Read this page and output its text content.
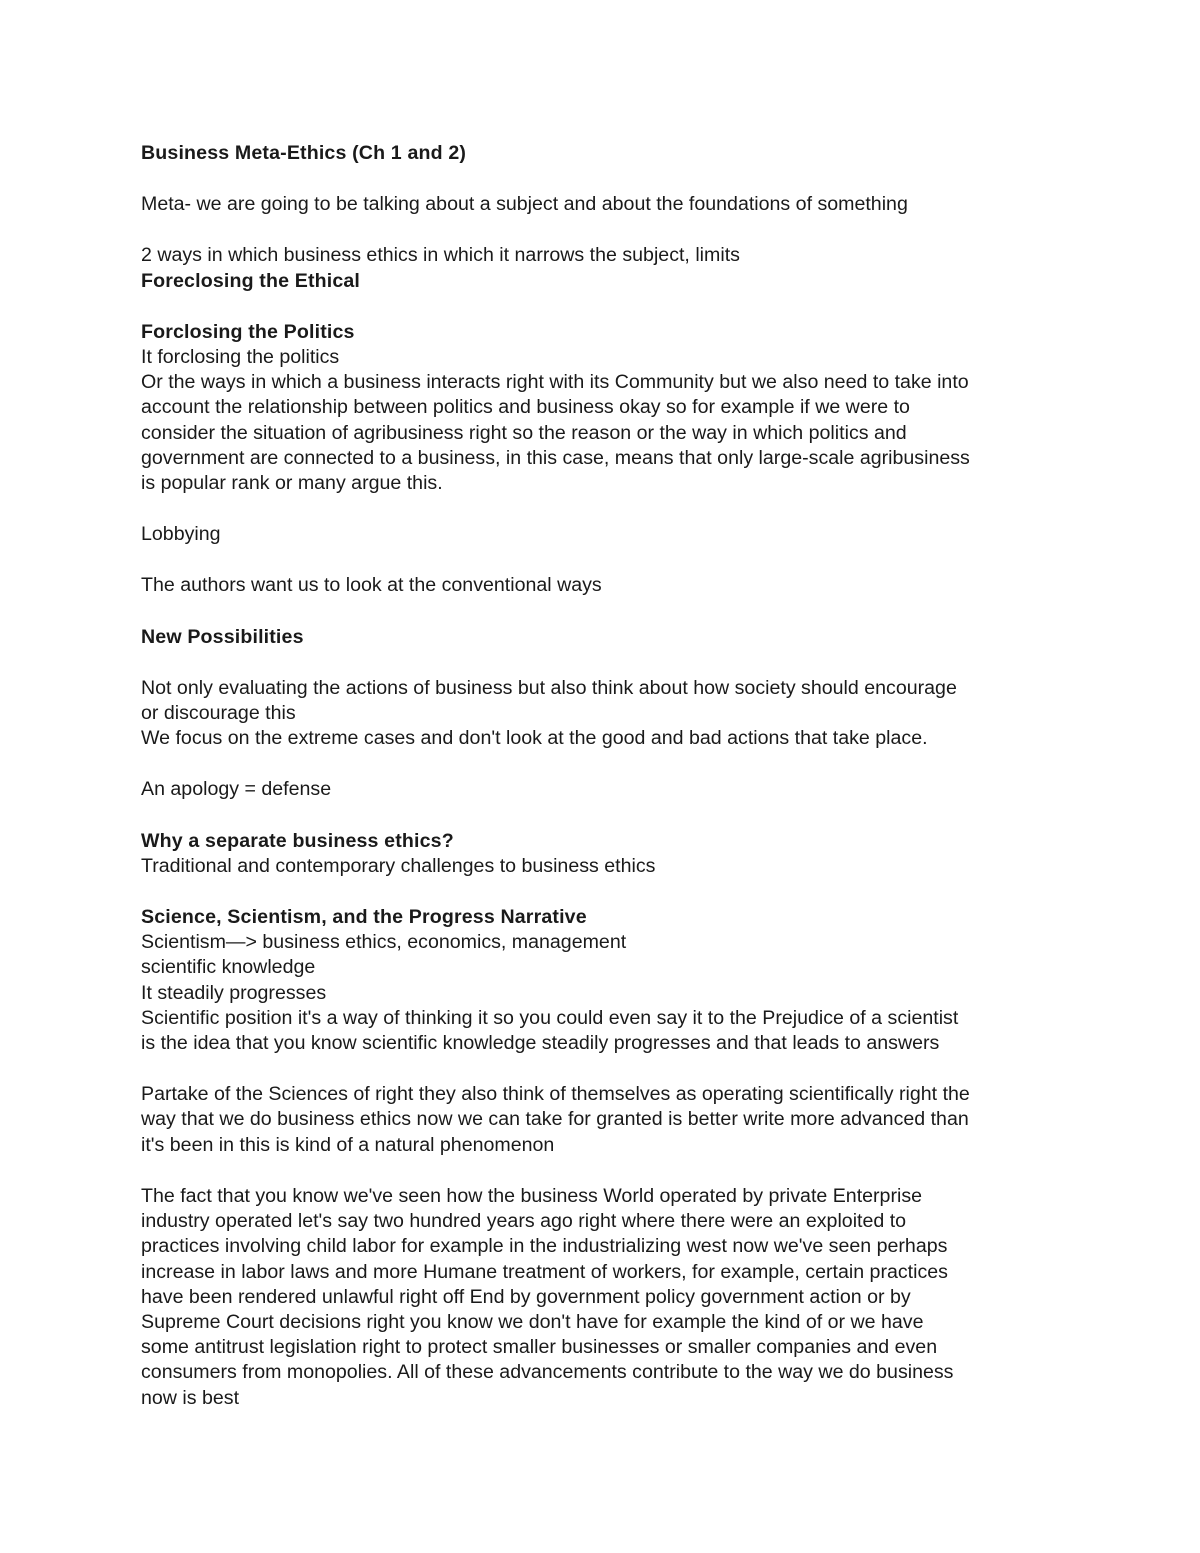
Business Meta-Ethics (Ch 1 and 2)
Meta- we are going to be talking about a subject and about the foundations of something
2 ways in which business ethics in which it narrows the subject, limits
Foreclosing the Ethical
Forclosing the Politics
It forclosing the politics
Or the ways in which a business interacts right with its Community but we also need to take into
account the relationship between politics and business okay so for example if we were to
consider the situation of agribusiness right so the reason or the way in which politics and
government are connected to a business, in this case, means that only large-scale agribusiness
is popular rank or many argue this.
Lobbying
The authors want us to look at the conventional ways
New Possibilities
Not only evaluating the actions of business but also think about how society should encourage
or discourage this
We focus on the extreme cases and don't look at the good and bad actions that take place.
An apology = defense
Why a separate business ethics?
Traditional and contemporary challenges to business ethics
Science, Scientism, and the Progress Narrative
Scientism—> business ethics, economics, management
scientific knowledge
It steadily progresses
Scientific position it's a way of thinking it so you could even say it to the Prejudice of a scientist
is the idea that you know scientific knowledge steadily progresses and that leads to answers
Partake of the Sciences of right they also think of themselves as operating scientifically right the
way that we do business ethics now we can take for granted is better write more advanced than
it's been in this is kind of a natural phenomenon
The fact that you know we've seen how the business World operated by private Enterprise
industry operated let's say two hundred years ago right where there were an exploited to
practices involving child labor for example in the industrializing west now we've seen perhaps
increase in labor laws and more Humane treatment of workers, for example, certain practices
have been rendered unlawful right off End by government policy government action or by
Supreme Court decisions right you know we don't have for example the kind of or we have
some antitrust legislation right to protect smaller businesses or smaller companies and even
consumers from monopolies. All of these advancements contribute to the way we do business
now is best
